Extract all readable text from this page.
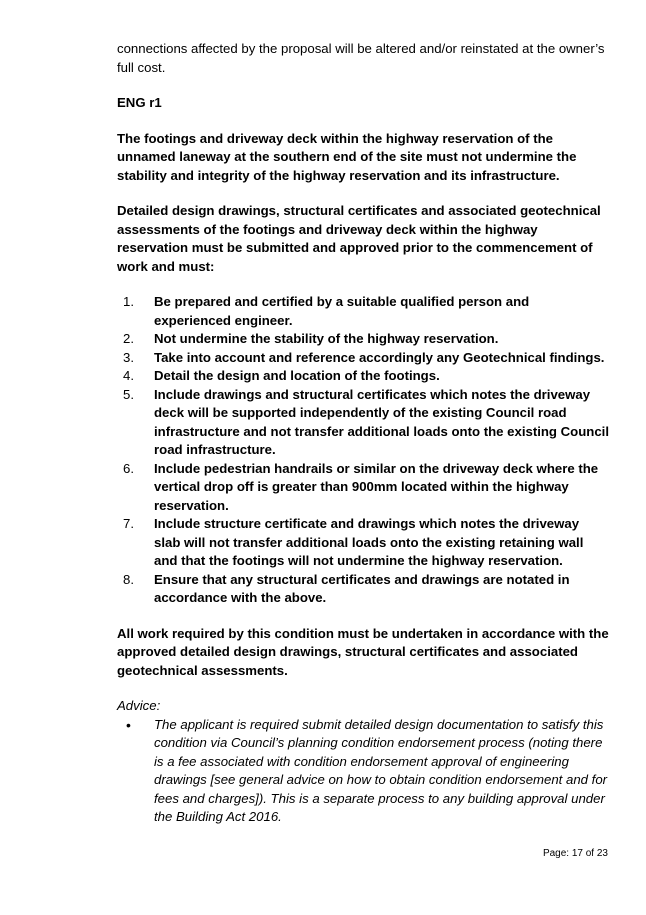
connections affected by the proposal will be altered and/or reinstated at the owner’s full cost.

ENG r1

The footings and driveway deck within the highway reservation of the unnamed laneway at the southern end of the site must not undermine the stability and integrity of the highway reservation and its infrastructure.

Detailed design drawings, structural certificates and associated geotechnical assessments of the footings and driveway deck within the highway reservation must be submitted and approved prior to the commencement of work and must:

1.	Be prepared and certified by a suitable qualified person and experienced engineer.
2.	Not undermine the stability of the highway reservation.
3.	Take into account and reference accordingly any Geotechnical findings.
4.	Detail the design and location of the footings.
5.	Include drawings and structural certificates which notes the driveway deck will be supported independently of the existing Council road infrastructure and not transfer additional loads onto the existing Council road infrastructure.
6.	Include pedestrian handrails or similar on the driveway deck where the vertical drop off is greater than 900mm located within the highway reservation.
7.	Include structure certificate and drawings which notes the driveway slab will not transfer additional loads onto the existing retaining wall and that the footings will not undermine the highway reservation.
8.	Ensure that any structural certificates and drawings are notated in accordance with the above.

All work required by this condition must be undertaken in accordance with the approved detailed design drawings, structural certificates and associated geotechnical assessments.

Advice:

•	The applicant is required submit detailed design documentation to satisfy this condition via Council’s planning condition endorsement process (noting there is a fee associated with condition endorsement approval of engineering drawings [see general advice on how to obtain condition endorsement and for fees and charges]). This is a separate process to any building approval under the Building Act 2016.
Page: 17 of 23
